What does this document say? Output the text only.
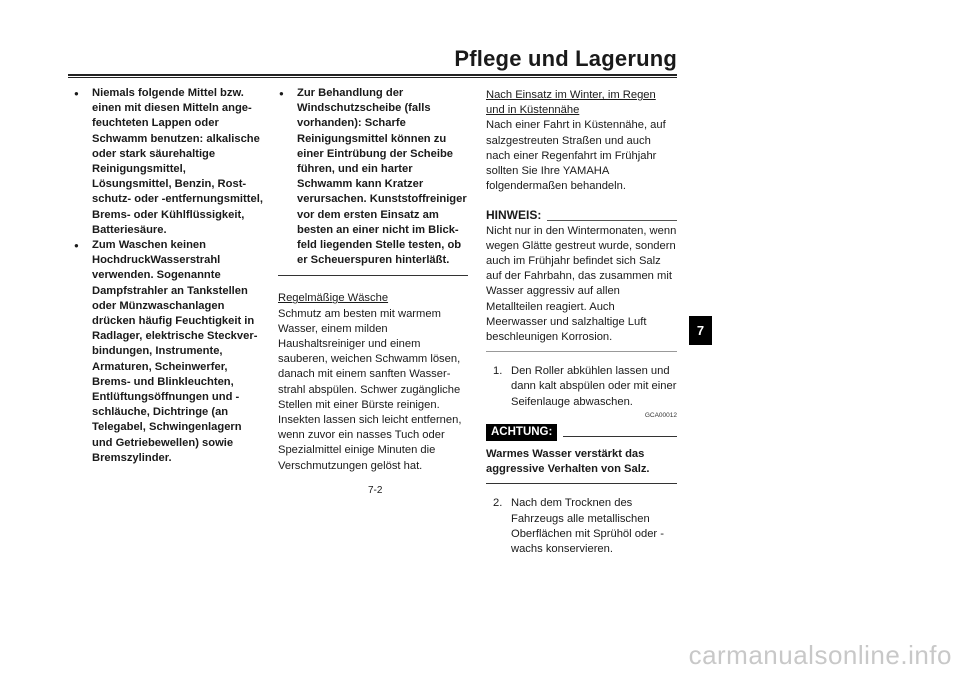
Pflege und Lagerung
● Niemals folgende Mittel bzw. einen mit diesen Mitteln angefeuchteten Lappen oder Schwamm benutzen: alkalische oder stark säurehaltige Reinigungsmittel, Lösungsmittel, Benzin, Rostschutz- oder -entfernungsmittel, Brems- oder Kühlflüssigkeit, Batteriesäure.
● Zum Waschen keinen HochdruckWasserstrahl verwenden. Sogenannte Dampfstrahler an Tankstellen oder Münzwaschanlagen drücken häufig Feuchtigkeit in Radlager, elektrische Steckverbindungen, Instrumente, Armaturen, Scheinwerfer, Brems- und Blinkleuchten, Entlüftungsöffnungen und -schläuche, Dichtringe (an Telegabel, Schwingenlagern und Getriebewellen) sowie Bremszylinder.
● Zur Behandlung der Windschutzscheibe (falls vorhanden): Scharfe Reinigungsmittel können zu einer Eintrübung der Scheibe führen, und ein harter Schwamm kann Kratzer verursachen. Kunststoffreiniger vor dem ersten Einsatz am besten an einer nicht im Blickfeld liegenden Stelle testen, ob er Scheuerspuren hinterläßt.
Regelmäßige Wäsche
Schmutz am besten mit warmem Wasser, einem milden Haushaltsreiniger und einem sauberen, weichen Schwamm lösen, danach mit einem sanften Wasserstrahl abspülen. Schwer zugängliche Stellen mit einer Bürste reinigen. Insekten lassen sich leicht entfernen, wenn zuvor ein nasses Tuch oder Spezialmittel einige Minuten die Verschmutzungen gelöst hat.
Nach Einsatz im Winter, im Regen und in Küstennähe
Nach einer Fahrt in Küstennähe, auf salzgestreuten Straßen und auch nach einer Regenfahrt im Frühjahr sollten Sie Ihre YAMAHA folgendermaßen behandeln.
HINWEIS:
Nicht nur in den Wintermonaten, wenn wegen Glätte gestreut wurde, sondern auch im Frühjahr befindet sich Salz auf der Fahrbahn, das zusammen mit Wasser aggressiv auf allen Metallteilen reagiert. Auch Meerwasser und salzhaltige Luft beschleunigen Korrosion.
1. Den Roller abkühlen lassen und dann kalt abspülen oder mit einer Seifenlauge abwaschen.
GCA00012
ACHTUNG:
Warmes Wasser verstärkt das aggressive Verhalten von Salz.
2. Nach dem Trocknen des Fahrzeugs alle metallischen Oberflächen mit Sprühöl oder -wachs konservieren.
7
7-2
carmanualsonline.info
